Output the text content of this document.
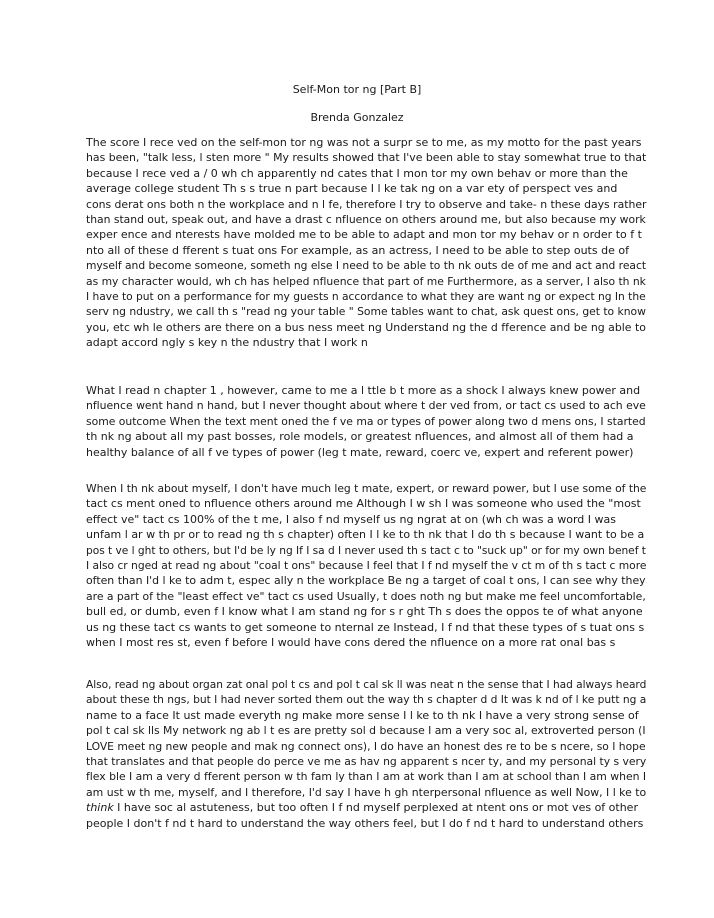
Self-Mon tor ng [Part B]
Brenda Gonzalez
The score I rece ved on the self-mon tor ng was not a surpr se to me, as my motto for the past years
has been, "talk less, l sten more " My results showed that I've been able to stay somewhat true to that
because I rece ved a / 0 wh ch apparently nd cates that I mon tor my own behav or more than the
average college student Th s s true n part because I l ke tak ng on a var ety of perspect ves and
cons derat ons both n the workplace and n l fe, therefore I try to observe and take- n these days rather
than stand out, speak out, and have a drast c nfluence on others around me, but also because my work
exper ence and nterests have molded me to be able to adapt and mon tor my behav or n order to f t
nto all of these d fferent s tuat ons For example, as an actress, I need to be able to step outs de of
myself and become someone, someth ng else I need to be able to th nk outs de of me and act and react
as my character would, wh ch has helped nfluence that part of me Furthermore, as a server, I also th nk
I have to put on a performance for my guests n accordance to what they are want ng or expect ng In the
serv ng ndustry, we call th s "read ng your table " Some tables want to chat, ask quest ons, get to know
you, etc wh le others are there on a bus ness meet ng Understand ng the d fference and be ng able to
adapt accord ngly s key n the ndustry that I work n
What I read n chapter 1 , however, came to me a l ttle b t more as a shock I always knew power and
nfluence went hand n hand, but I never thought about where t der ved from, or tact cs used to ach eve
some outcome When the text ment oned the f ve ma or types of power along two d mens ons, I started
th nk ng about all my past bosses, role models, or greatest nfluences, and almost all of them had a
healthy balance of all f ve types of power (leg t mate, reward, coerc ve, expert and referent power)
When I th nk about myself, I don't have much leg t mate, expert, or reward power, but I use some of the
tact cs ment oned to nfluence others around me Although I w sh I was someone who used the "most
effect ve" tact cs 100% of the t me, I also f nd myself us ng ngrat at on (wh ch was a word I was
unfam l ar w th pr or to read ng th s chapter) often I l ke to th nk that I do th s because I want to be a
pos t ve l ght to others, but I'd be ly ng If I sa d I never used th s tact c to "suck up" or for my own benef t
I also cr nged at read ng about "coal t ons" because I feel that I f nd myself the v ct m of th s tact c more
often than I'd l ke to adm t, espec ally n the workplace Be ng a target of coal t ons, I can see why they
are a part of the "least effect ve" tact cs used Usually, t does noth ng but make me feel uncomfortable,
bull ed, or dumb, even f I know what I am stand ng for s r ght Th s does the oppos te of what anyone
us ng these tact cs wants to get someone to nternal ze Instead, I f nd that these types of s tuat ons s
when I most res st, even f before I would have cons dered the nfluence on a more rat onal bas s
Also, read ng about organ zat onal pol t cs and pol t cal sk ll was neat n the sense that I had always heard
about these th ngs, but I had never sorted them out the way th s chapter d d It was k nd of l ke putt ng a
name to a face It ust made everyth ng make more sense I l ke to th nk I have a very strong sense of
pol t cal sk lls My network ng ab l t es are pretty sol d because I am a very soc al, extroverted person (I
LOVE meet ng new people and mak ng connect ons), I do have an honest des re to be s ncere, so I hope
that translates and that people do perce ve me as hav ng apparent s ncer ty, and my personal ty s very
flex ble I am a very d fferent person w th fam ly than I am at work than I am at school than I am when I
am ust w th me, myself, and I therefore, I'd say I have h gh nterpersonal nfluence as well Now, I l ke to
think I have soc al astuteness, but too often I f nd myself perplexed at ntent ons or mot ves of other
people I don't f nd t hard to understand the way others feel, but I do f nd t hard to understand others
